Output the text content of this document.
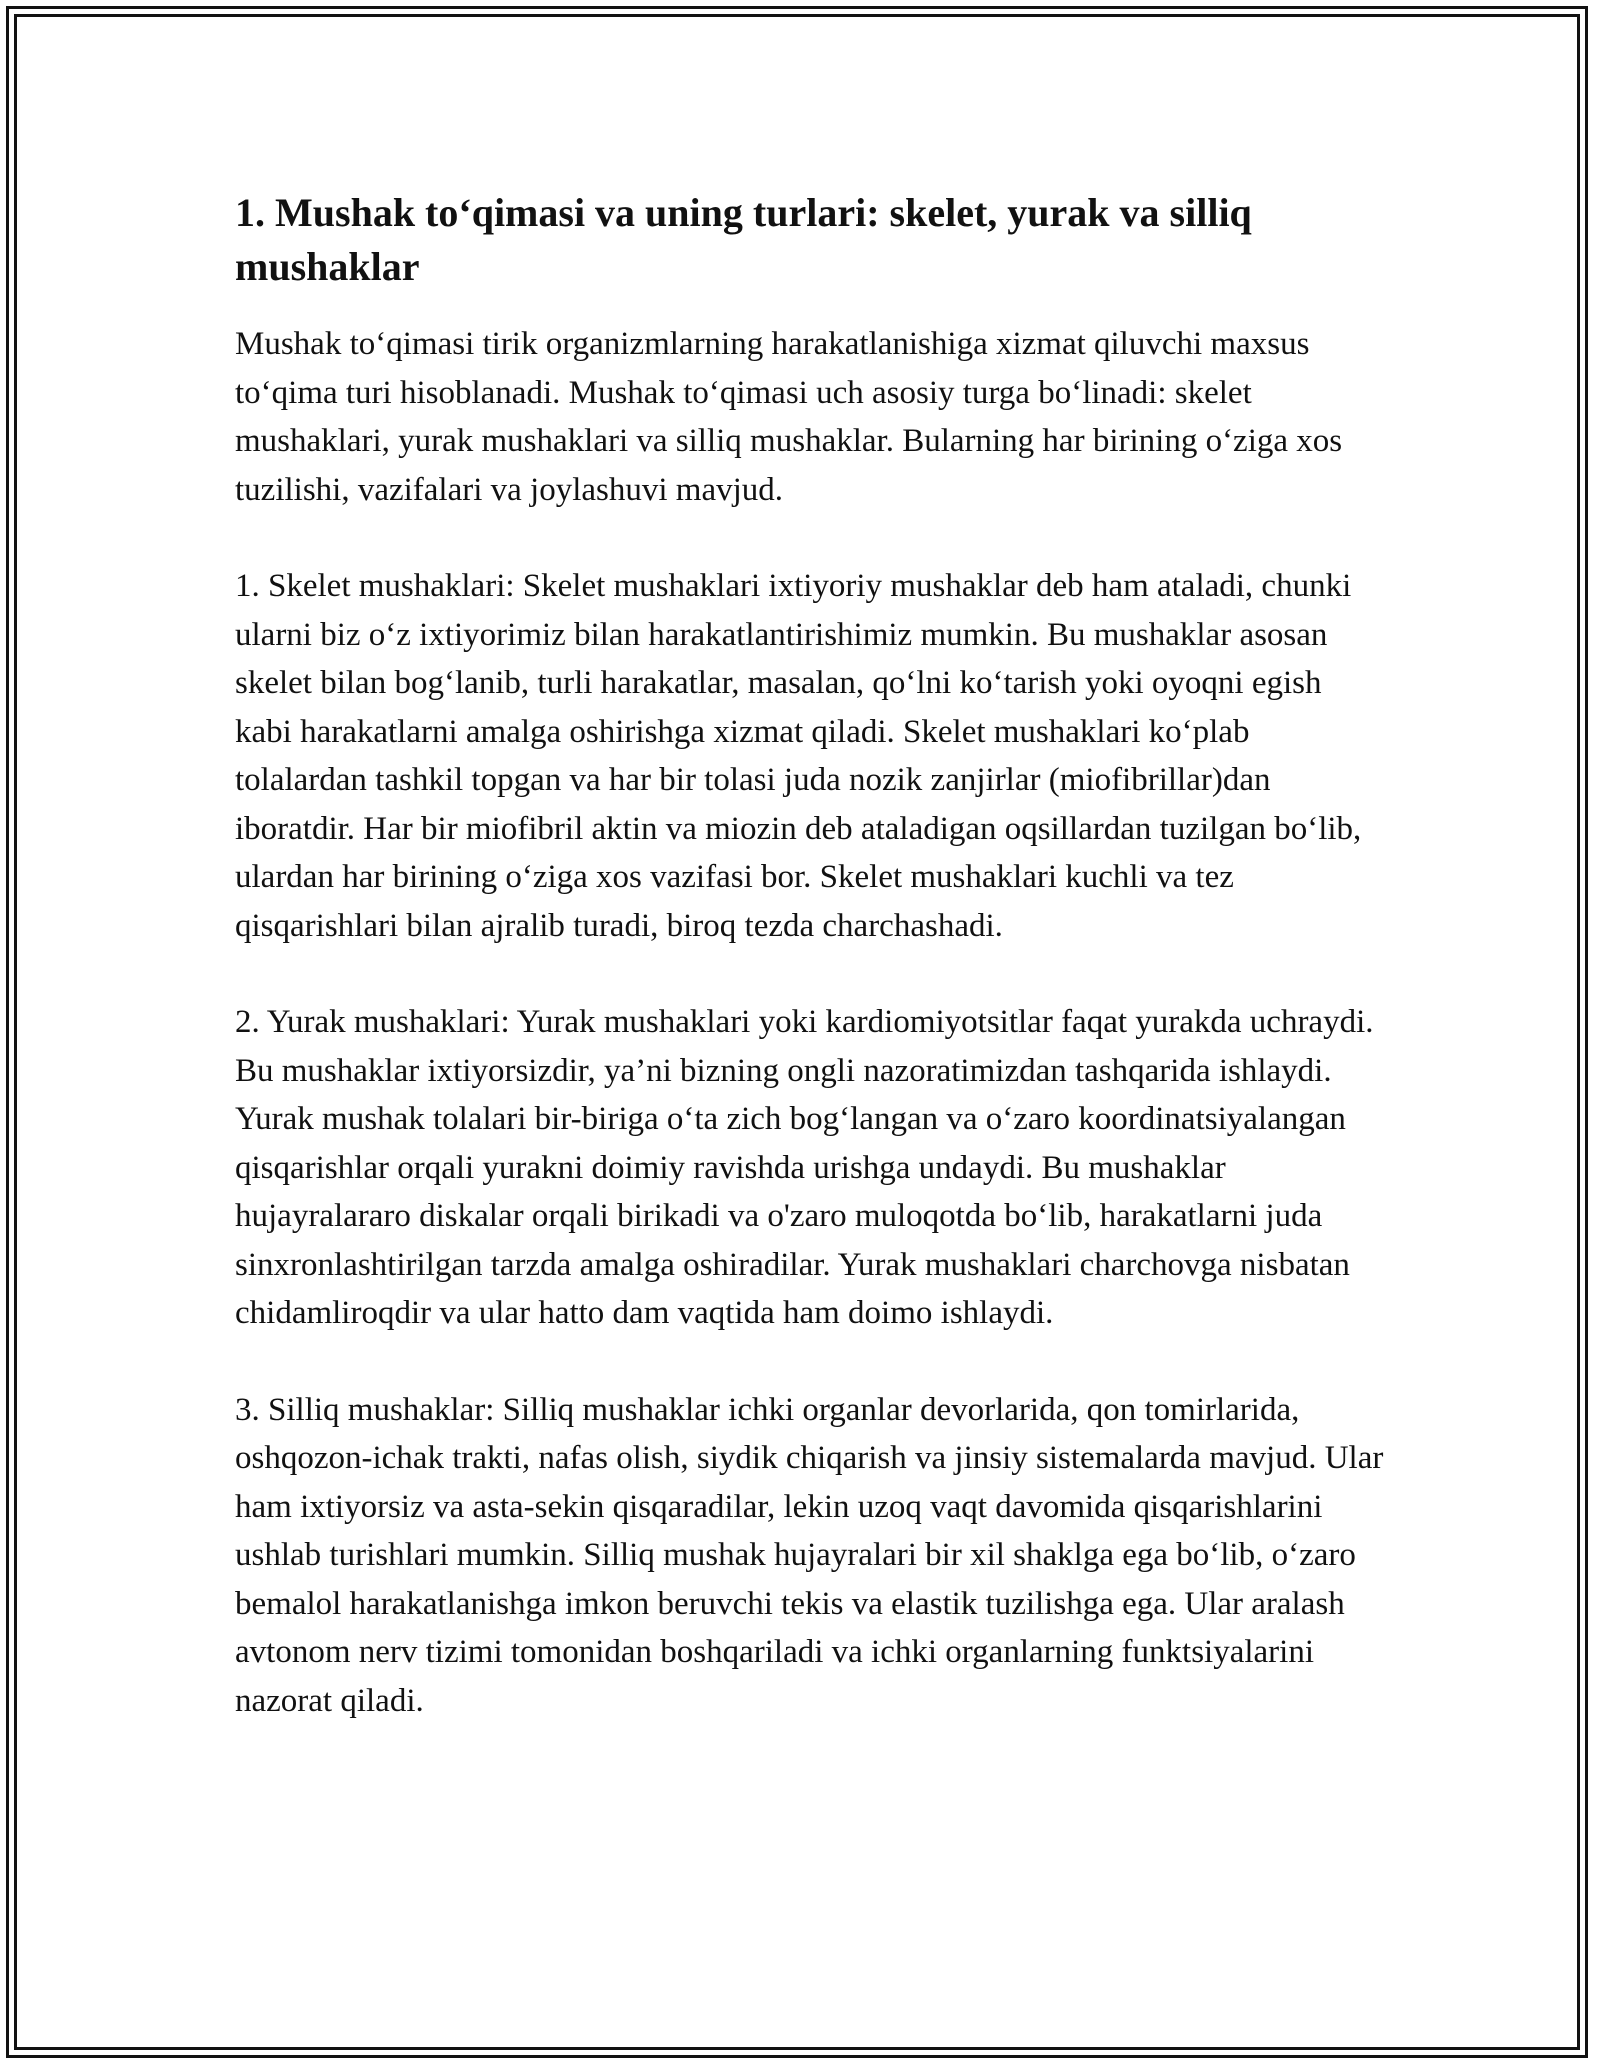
1. Mushak to‘qimasi va uning turlari: skelet, yurak va silliq mushaklar

Mushak to‘qimasi tirik organizmlarning harakatlanishiga xizmat qiluvchi maxsus to‘qima turi hisoblanadi. Mushak to‘qimasi uch asosiy turga bo‘linadi: skelet mushaklari, yurak mushaklari va silliq mushaklar. Bularning har birining o‘ziga xos tuzilishi, vazifalari va joylashuvi mavjud.

1. Skelet mushaklari: Skelet mushaklari ixtiyoriy mushaklar deb ham ataladi, chunki ularni biz o‘z ixtiyorimiz bilan harakatlantirishimiz mumkin. Bu mushaklar asosan skelet bilan bog‘lanib, turli harakatlar, masalan, qo‘lni ko‘tarish yoki oyoqni egish kabi harakatlarni amalga oshirishga xizmat qiladi. Skelet mushaklari ko‘plab tolalardan tashkil topgan va har bir tolasi juda nozik zanjirlar (miofibrillar)dan iboratdir. Har bir miofibril aktin va miozin deb ataladigan oqsillardan tuzilgan bo‘lib, ulardan har birining o‘ziga xos vazifasi bor. Skelet mushaklari kuchli va tez qisqarishlari bilan ajralib turadi, biroq tezda charchashadi.

2. Yurak mushaklari: Yurak mushaklari yoki kardiomiyotsitlar faqat yurakda uchraydi. Bu mushaklar ixtiyorsizdir, ya’ni bizning ongli nazoratimizdan tashqarida ishlaydi. Yurak mushak tolalari bir-biriga o‘ta zich bog‘langan va o‘zaro koordinatsiyalangan qisqarishlar orqali yurakni doimiy ravishda urishga undaydi. Bu mushaklar hujayralararo diskalar orqali birikadi va o'zaro muloqotda bo‘lib, harakatlarni juda sinxronlashtirilgan tarzda amalga oshiradilar. Yurak mushaklari charchovga nisbatan chidamliroqdir va ular hatto dam vaqtida ham doimo ishlaydi.

3. Silliq mushaklar: Silliq mushaklar ichki organlar devorlarida, qon tomirlarida, oshqozon-ichak trakti, nafas olish, siydik chiqarish va jinsiy sistemalarda mavjud. Ular ham ixtiyorsiz va asta-sekin qisqaradilar, lekin uzoq vaqt davomida qisqarishlarini ushlab turishlari mumkin. Silliq mushak hujayralari bir xil shaklga ega bo‘lib, o‘zaro bemalol harakatlanishga imkon beruvchi tekis va elastik tuzilishga ega. Ular aralash avtonom nerv tizimi tomonidan boshqariladi va ichki organlarning funktsiyalarini nazorat qiladi.
